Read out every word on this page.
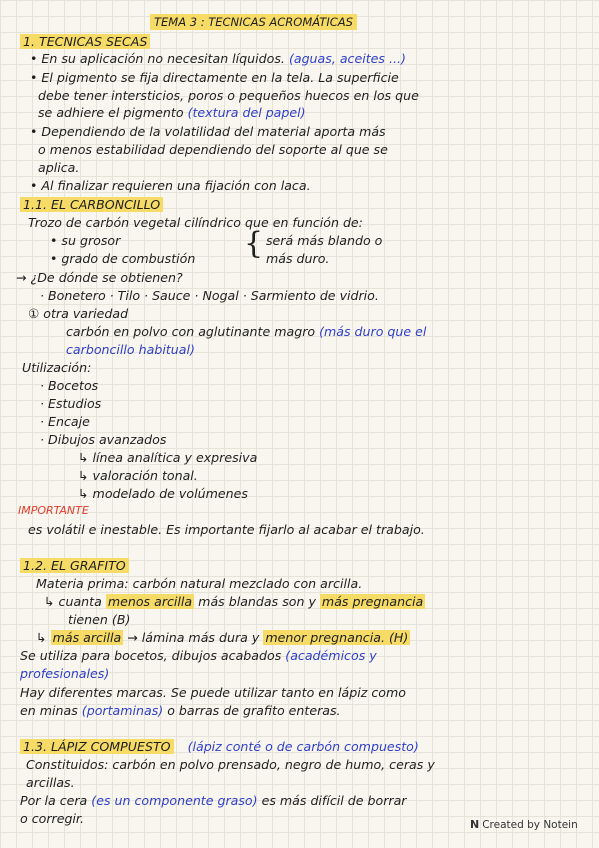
TEMA 3 : TECNICAS ACROMÁTICAS
1. TECNICAS SECAS
• En su aplicación no necesitan líquidos. (aguas, aceites ...)
• El pigmento se fija directamente en la tela. La superficie
debe tener intersticios, poros o pequeños huecos en los que
se adhiere el pigmento (textura del papel)
• Dependiendo de la volatilidad del material aporta más
o menos estabilidad dependiendo del soporte al que se
aplica.
• Al finalizar requieren una fijación con laca.
1.1. EL CARBONCILLO
Trozo de carbón vegetal cilíndrico que en función de:
• su grosor
• grado de combustión { será más blando o
más duro.
→ ¿De dónde se obtienen?
· Bonetero · Tilo · Sauce · Nogal · Sarmiento de vidrio.
① otra variedad
carbón en polvo con aglutinante magro (más duro que el
carboncillo habitual)
Utilización:
· Bocetos
· Estudios
· Encaje
· Dibujos avanzados
↳ línea analítica y expresiva
↳ valoración tonal.
↳ modelado de volúmenes
IMPORTANTE
es volátil e inestable. Es importante fijarlo al acabar el trabajo.
1.2. EL GRAFITO
Materia prima: carbón natural mezclado con arcilla.
↳ cuanta menos arcilla más blandas son y más pregnancia
tienen (B)
↳ más arcilla → lámina más dura y menor pregnancia. (H)
Se utiliza para bocetos, dibujos acabados (académicos y
profesionales)
Hay diferentes marcas. Se puede utilizar tanto en lápiz como
en minas (portaminas) o barras de grafito enteras.
1.3. LÁPIZ COMPUESTO (lápiz conté o de carbón compuesto)
Constituidos: carbón en polvo prensado, negro de humo, ceras y
arcillas.
Por la cera (es un componente graso) es más difícil de borrar
o corregir.	N Created by Notein
